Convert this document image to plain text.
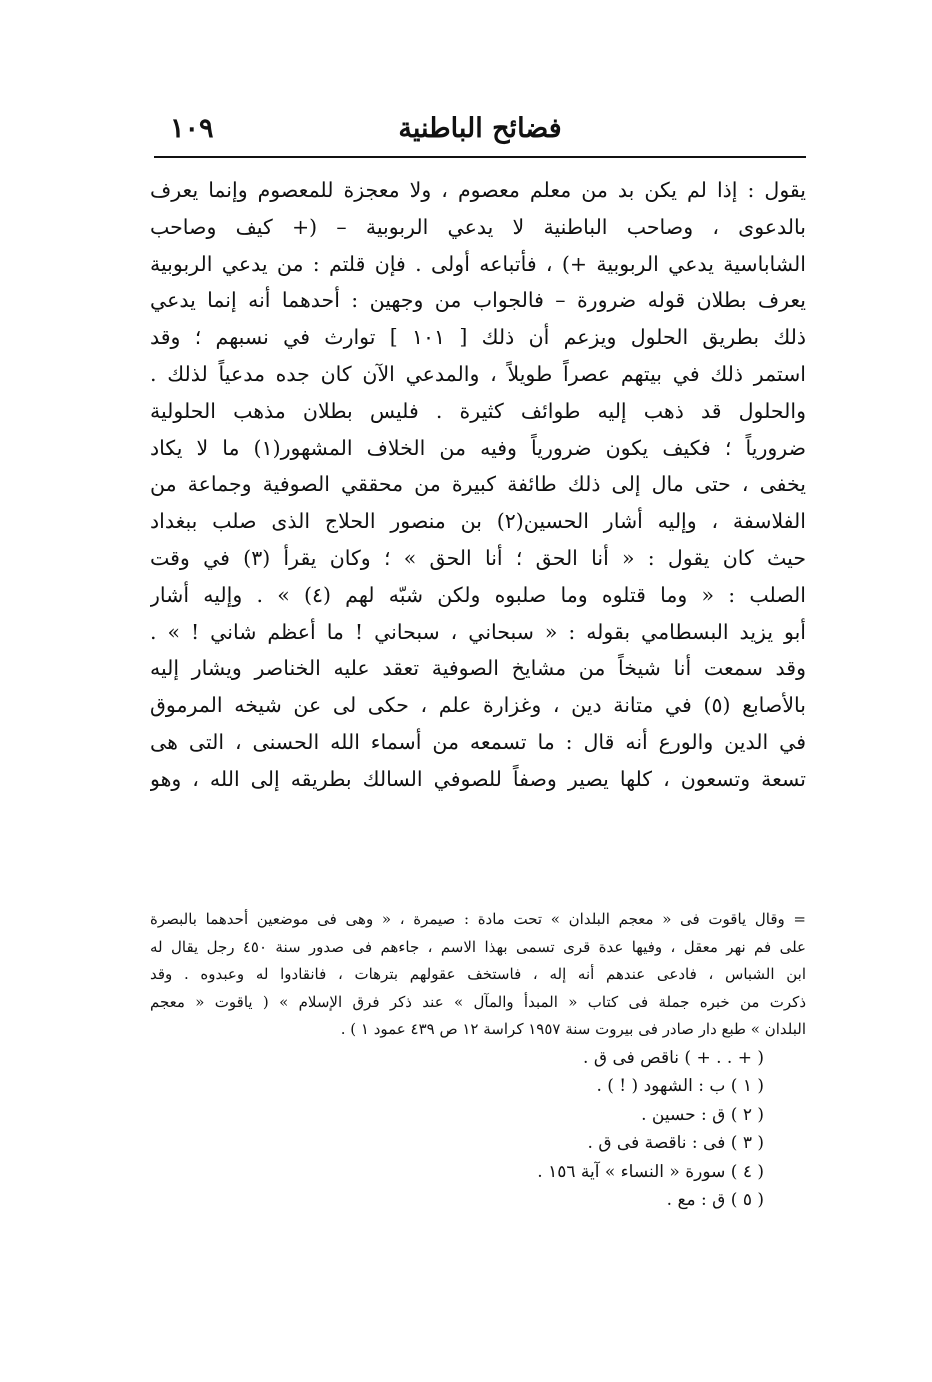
١٠٩	فضائح الباطنية
يقول : إذا لم يكن بد من معلم معصوم ، ولا معجزة للمعصوم وإنما يعرف
بالدعوى ، وصاحب الباطنية لا يدعي الربوبية – (+ كيف وصاحب
الشاباسية يدعي الربوبية +) ، فأتباعه أولى . فإن قلتم : من يدعي الربوبية
يعرف بطلان قوله ضرورة – فالجواب من وجهين : أحدهما أنه إنما يدعي
ذلك بطريق الحلول ويزعم أن ذلك [ ١٠١ ] توارث في نسبهم ؛ وقد
استمر ذلك في بيتهم عصراً طويلاً ، والمدعي الآن كان جده مدعياً لذلك .
والحلول قد ذهب إليه طوائف كثيرة . فليس بطلان مذهب الحلولية
ضرورياً ؛ فكيف يكون ضرورياً وفيه من الخلاف المشهور(١) ما لا يكاد
يخفى ، حتى مال إلى ذلك طائفة كبيرة من محققي الصوفية وجماعة من
الفلاسفة ، وإليه أشار الحسين(٢) بن منصور الحلاج الذى صلب ببغداد
حيث كان يقول : « أنا الحق ؛ أنا الحق » ؛ وكان يقرأ (٣) في وقت
الصلب : « وما قتلوه وما صلبوه ولكن شبّه لهم (٤) » . وإليه أشار
أبو يزيد البسطامي بقوله : « سبحاني ، سبحاني ! ما أعظم شاني ! » .
وقد سمعت أنا شيخاً من مشايخ الصوفية تعقد عليه الخناصر ويشار إليه
بالأصابع (٥) في متانة دين ، وغزارة علم ، حكى لى عن شيخه المرموق
في الدين والورع أنه قال : ما تسمعه من أسماء الله الحسنى ، التى هى
تسعة وتسعون ، كلها يصير وصفاً للصوفي السالك بطريقه إلى الله ، وهو
= وقال ياقوت فى « معجم البلدان » تحت مادة : صيمرة ، « وهى فى موضعين أحدهما بالبصرة
على فم نهر معقل ، وفيها عدة قرى تسمى بهذا الاسم ، جاءهم فى صدور سنة ٤٥٠ رجل يقال له
ابن الشباس ، فادعى عندهم أنه إله ، فاستخف عقولهم بترهات ، فانقادوا له وعبدوه . وقد
ذكرت من خبره جملة فى كتاب « المبدأ والمآل » عند ذكر فرق الإسلام » ( ياقوت « معجم
البلدان » طبع دار صادر فى بيروت سنة ١٩٥٧ كراسة ١٢ ص ٤٣٩ عمود ١ ) .
( + . . + ) ناقص فى ق .
( ١ ) ب : الشهود ( ! ) .
( ٢ ) ق : حسين .
( ٣ ) فى : ناقصة فى ق .
( ٤ ) سورة « النساء » آية ١٥٦ .
( ٥ ) ق : مع .
